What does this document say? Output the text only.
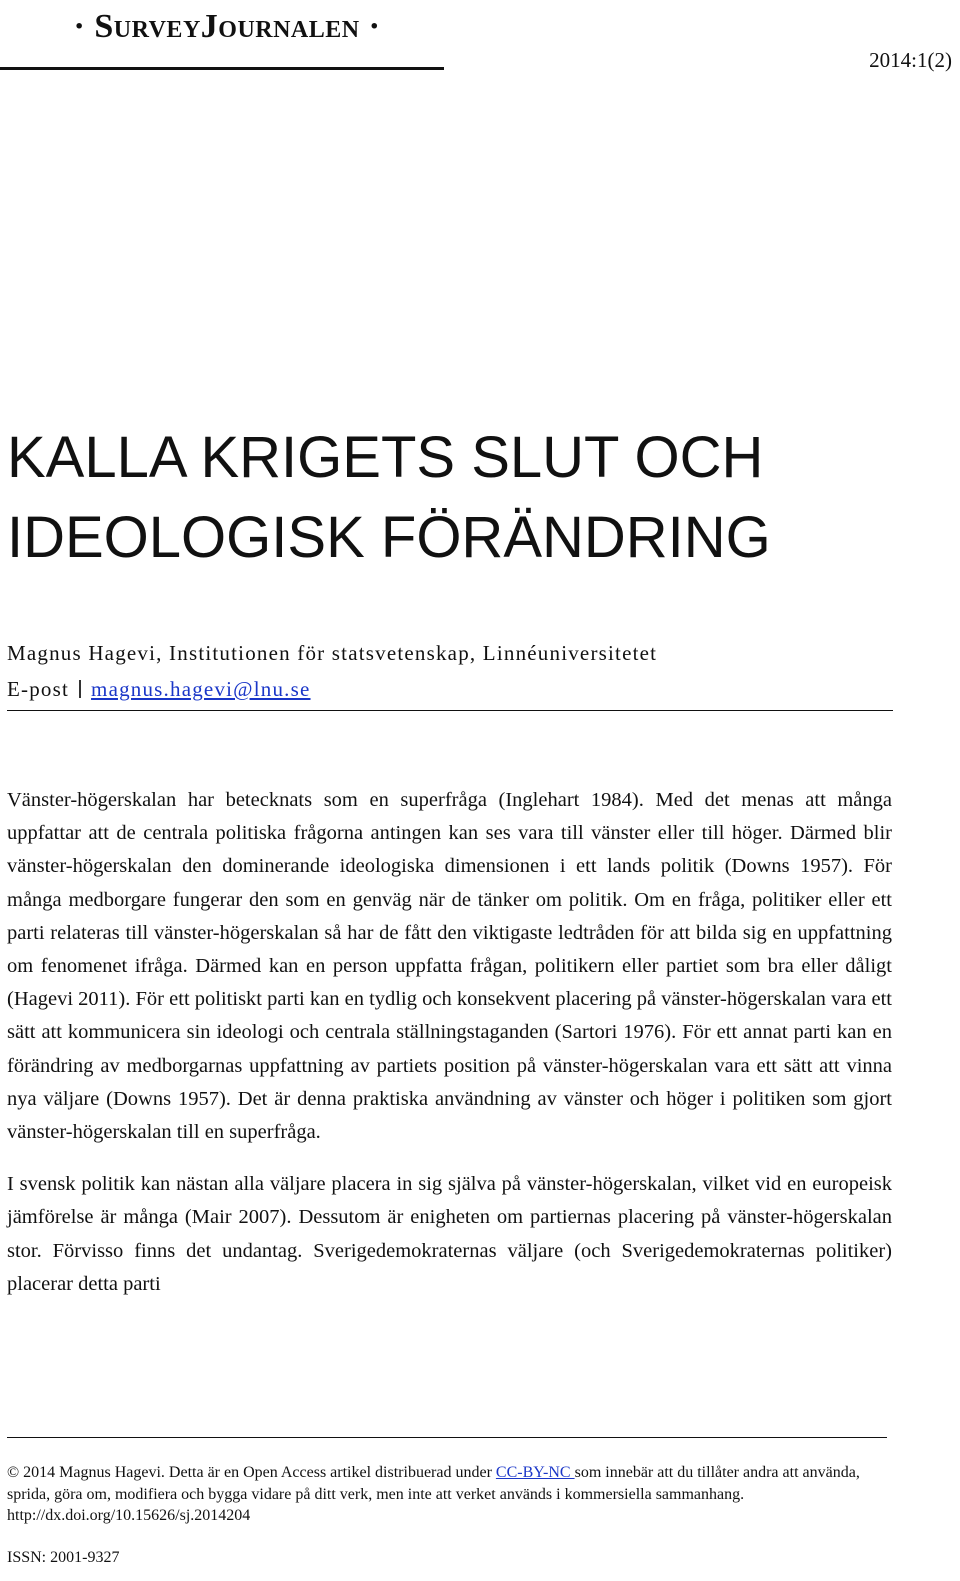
· SurveyJournalen ·
2014:1(2)
KALLA KRIGETS SLUT OCH
IDEOLOGISK FÖRÄNDRING
Magnus Hagevi, Institutionen för statsvetenskap, Linnéuniversitetet
E-post magnus.hagevi@lnu.se

Vänster-högerskalan har betecknats som en superfråga (Inglehart 1984). Med det menas att många uppfattar att de centrala politiska frågorna antingen kan ses vara till vänster eller till höger. Därmed blir vänster-högerskalan den dominerande ideologiska dimensionen i ett lands politik (Downs 1957). För många medborgare fungerar den som en genväg när de tänker om politik. Om en fråga, politiker eller ett parti relateras till vänster-högerskalan så har de fått den viktigaste ledtråden för att bilda sig en uppfattning om fenomenet ifråga. Därmed kan en person uppfatta frågan, politikern eller partiet som bra eller dåligt (Hagevi 2011). För ett politiskt parti kan en tydlig och konsekvent placering på vänster-högerskalan vara ett sätt att kommunicera sin ideologi och centrala ställningstaganden (Sartori 1976). För ett annat parti kan en förändring av medborgarnas uppfattning av partiets position på vänster-högerskalan vara ett sätt att vinna nya väljare (Downs 1957). Det är denna praktiska användning av vänster och höger i politiken som gjort vänster-högerskalan till en superfråga.

I svensk politik kan nästan alla väljare placera in sig själva på vänster-högerskalan, vilket vid en europeisk jämförelse är många (Mair 2007). Dessutom är enigheten om partiernas placering på vänster-högerskalan stor. Förvisso finns det undantag. Sverigedemokraternas väljare (och Sverigedemokraternas politiker) placerar detta parti

© 2014 Magnus Hagevi. Detta är en Open Access artikel distribuerad under CC-BY-NC som innebär att du tillåter andra att använda, sprida, göra om, modifiera och bygga vidare på ditt verk, men inte att verket används i kommersiella sammanhang. http://dx.doi.org/10.15626/sj.2014204
ISSN: 2001-9327
